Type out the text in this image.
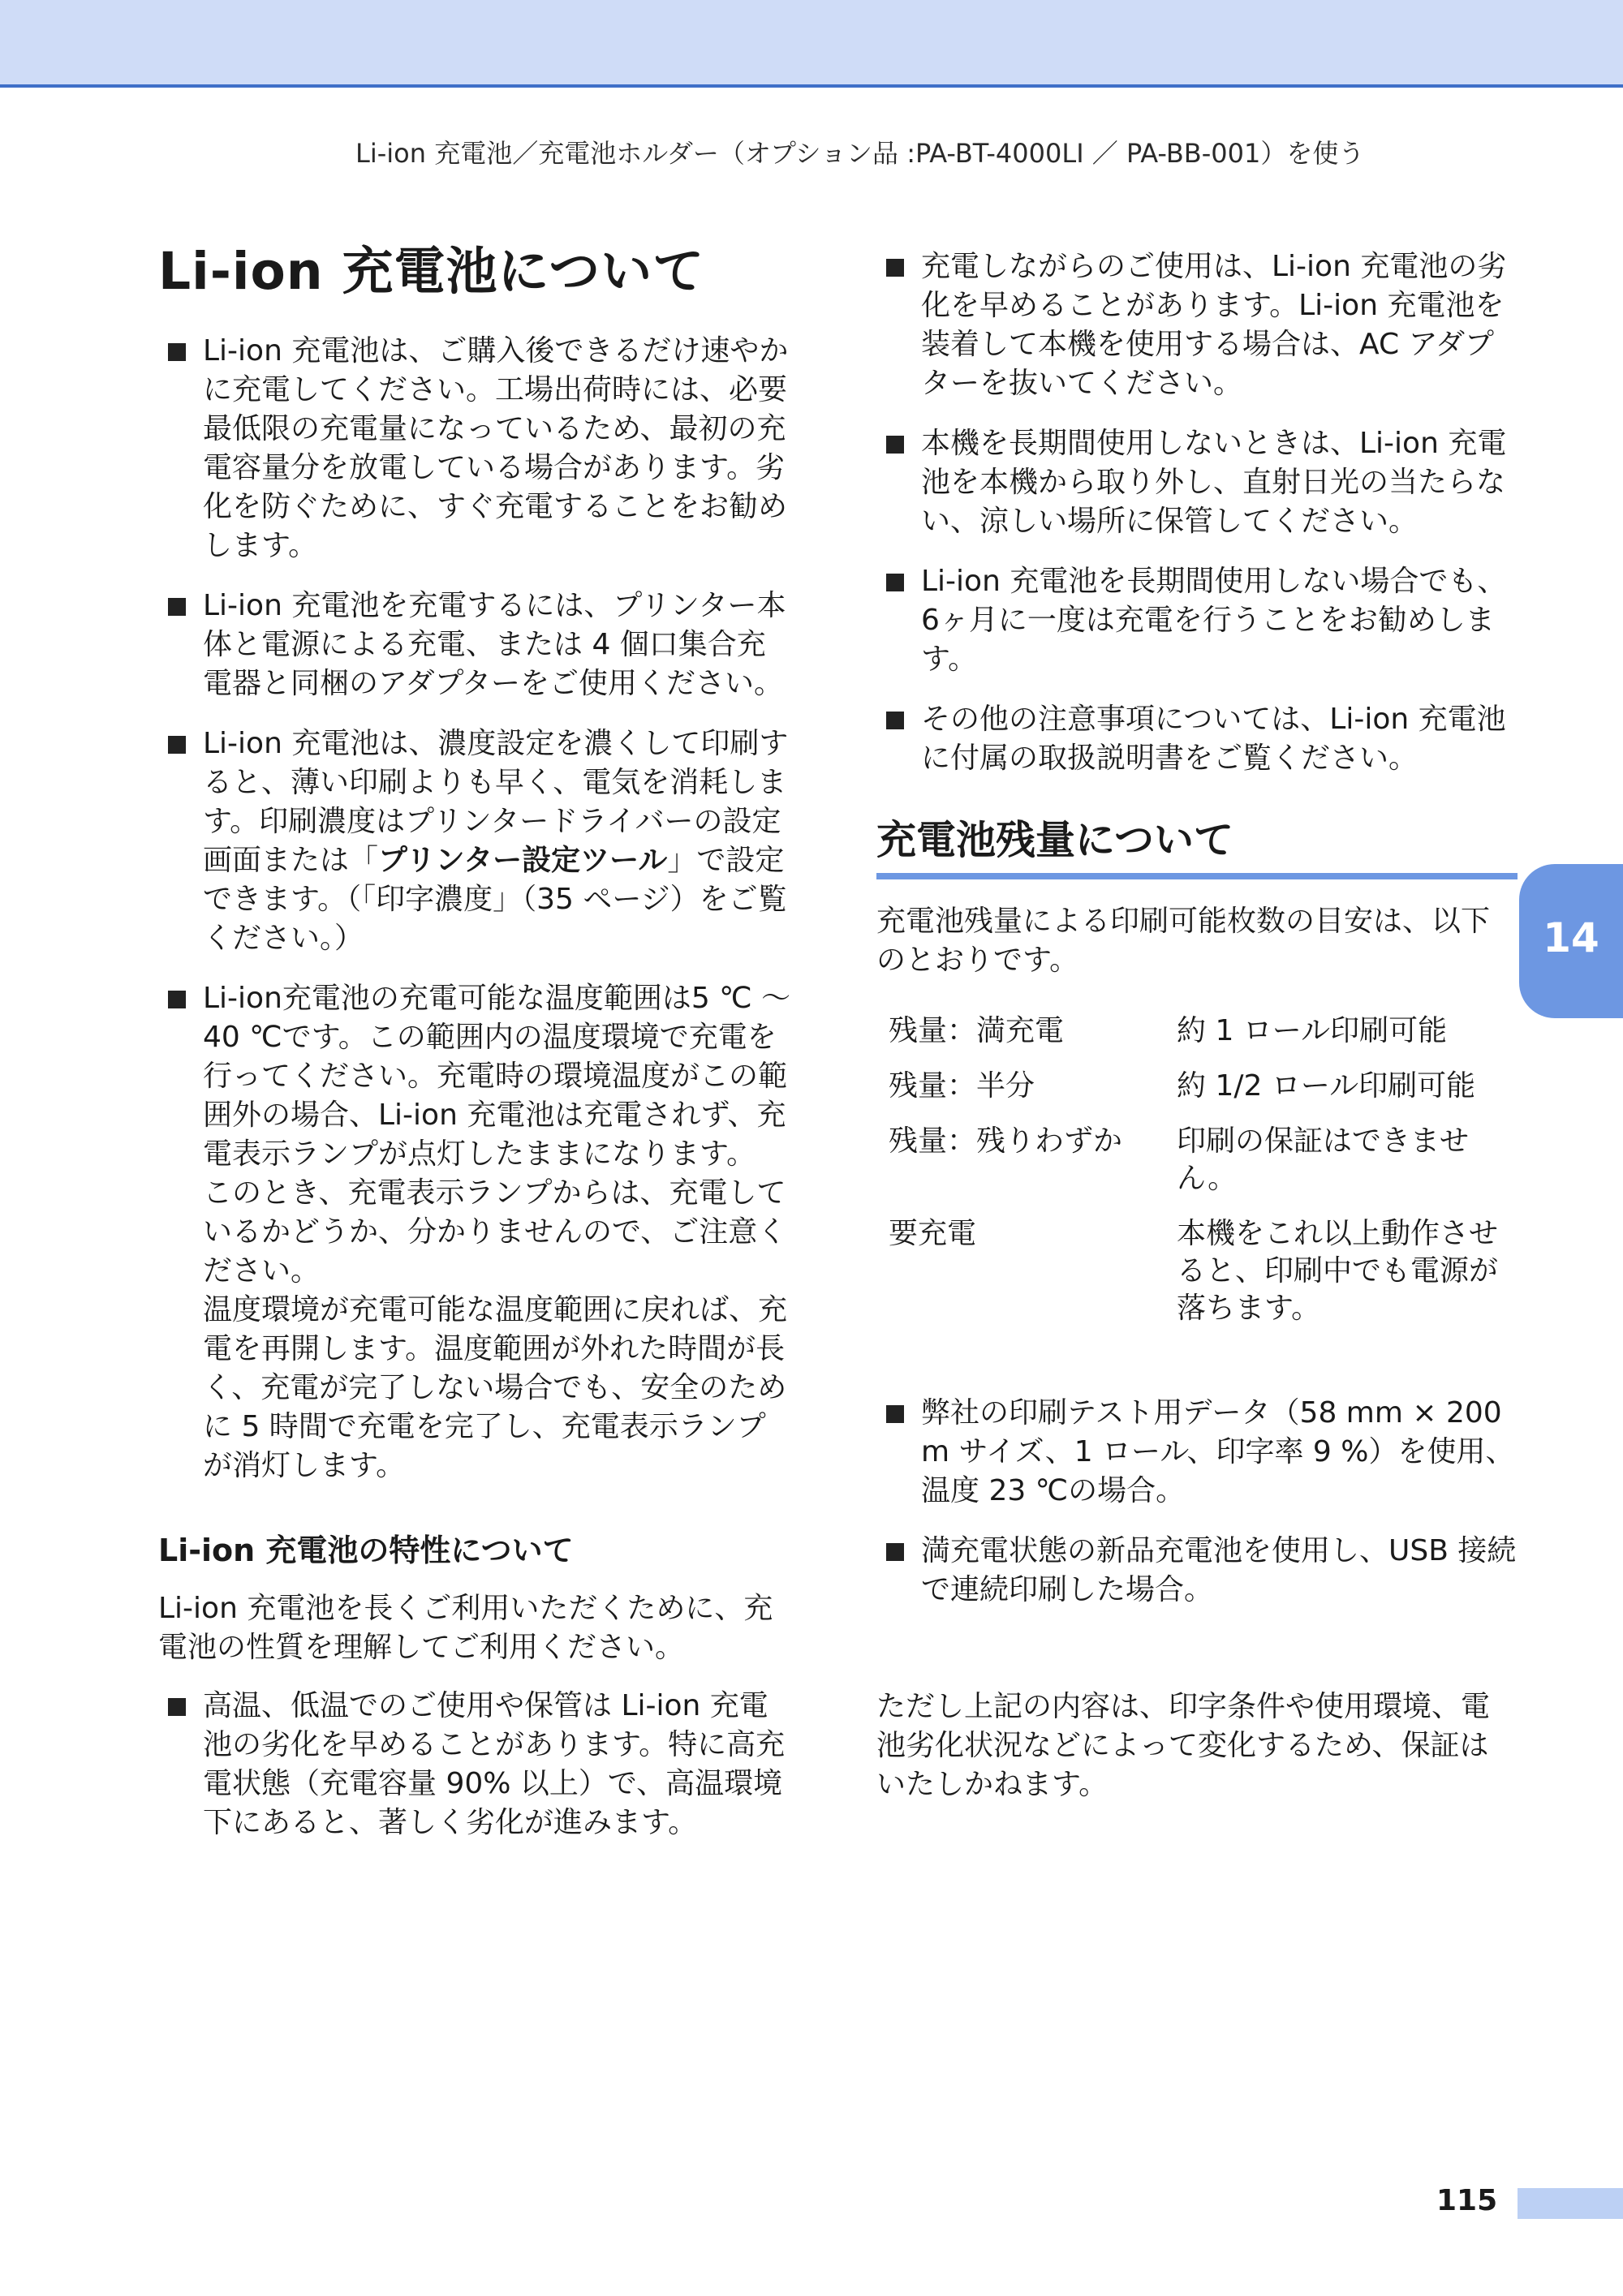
Li-ion 充電池／充電池ホルダー（オプション品 :PA-BT-4000LI ／ PA-BB-001）を使う
Li-ion 充電池について
Li-ion 充電池は、ご購入後できるだけ速やかに充電してください。工場出荷時には、必要最低限の充電量になっているため、最初の充電容量分を放電している場合があります。劣化を防ぐために、すぐ充電することをお勧めします。
Li-ion 充電池を充電するには、プリンター本体と電源による充電、または 4 個口集合充電器と同梱のアダプターをご使用ください。
Li-ion 充電池は、濃度設定を濃くして印刷すると、薄い印刷よりも早く、電気を消耗します。印刷濃度はプリンタードライバーの設定画面または「プリンター設定ツール」で設定できます。（「印字濃度」（35 ページ）をご覧ください。）
Li-ion充電池の充電可能な温度範囲は5 ℃ ～ 40 ℃です。この範囲内の温度環境で充電を行ってください。充電時の環境温度がこの範囲外の場合、Li-ion 充電池は充電されず、充電表示ランプが点灯したままになります。
このとき、充電表示ランプからは、充電しているかどうか、分かりませんので、ご注意ください。
温度環境が充電可能な温度範囲に戻れば、充電を再開します。温度範囲が外れた時間が長く、充電が完了しない場合でも、安全のために 5 時間で充電を完了し、充電表示ランプが消灯します。
Li-ion 充電池の特性について

Li-ion 充電池を長くご利用いただくために、充電池の性質を理解してご利用ください。

高温、低温でのご使用や保管は Li-ion 充電池の劣化を早めることがあります。特に高充電状態（充電容量 90% 以上）で、高温環境下にあると、著しく劣化が進みます。
充電しながらのご使用は、Li-ion 充電池の劣化を早めることがあります。Li-ion 充電池を装着して本機を使用する場合は、AC アダプターを抜いてください。
本機を長期間使用しないときは、Li-ion 充電池を本機から取り外し、直射日光の当たらない、涼しい場所に保管してください。
Li-ion 充電池を長期間使用しない場合でも、6ヶ月に一度は充電を行うことをお勧めします。
その他の注意事項については、Li-ion 充電池に付属の取扱説明書をご覧ください。
充電池残量について

充電池残量による印刷可能枚数の目安は、以下のとおりです。

残量：満充電	約 1 ロール印刷可能
残量：半分	約 1/2 ロール印刷可能
残量：残りわずか	印刷の保証はできません。
要充電	本機をこれ以上動作させると、印刷中でも電源が落ちます。
弊社の印刷テスト用データ（58 mm × 200 m サイズ、1 ロール、印字率 9 %）を使用、温度 23 ℃の場合。
満充電状態の新品充電池を使用し、USB 接続で連続印刷した場合。

ただし上記の内容は、印字条件や使用環境、電池劣化状況などによって変化するため、保証はいたしかねます。

14
115
